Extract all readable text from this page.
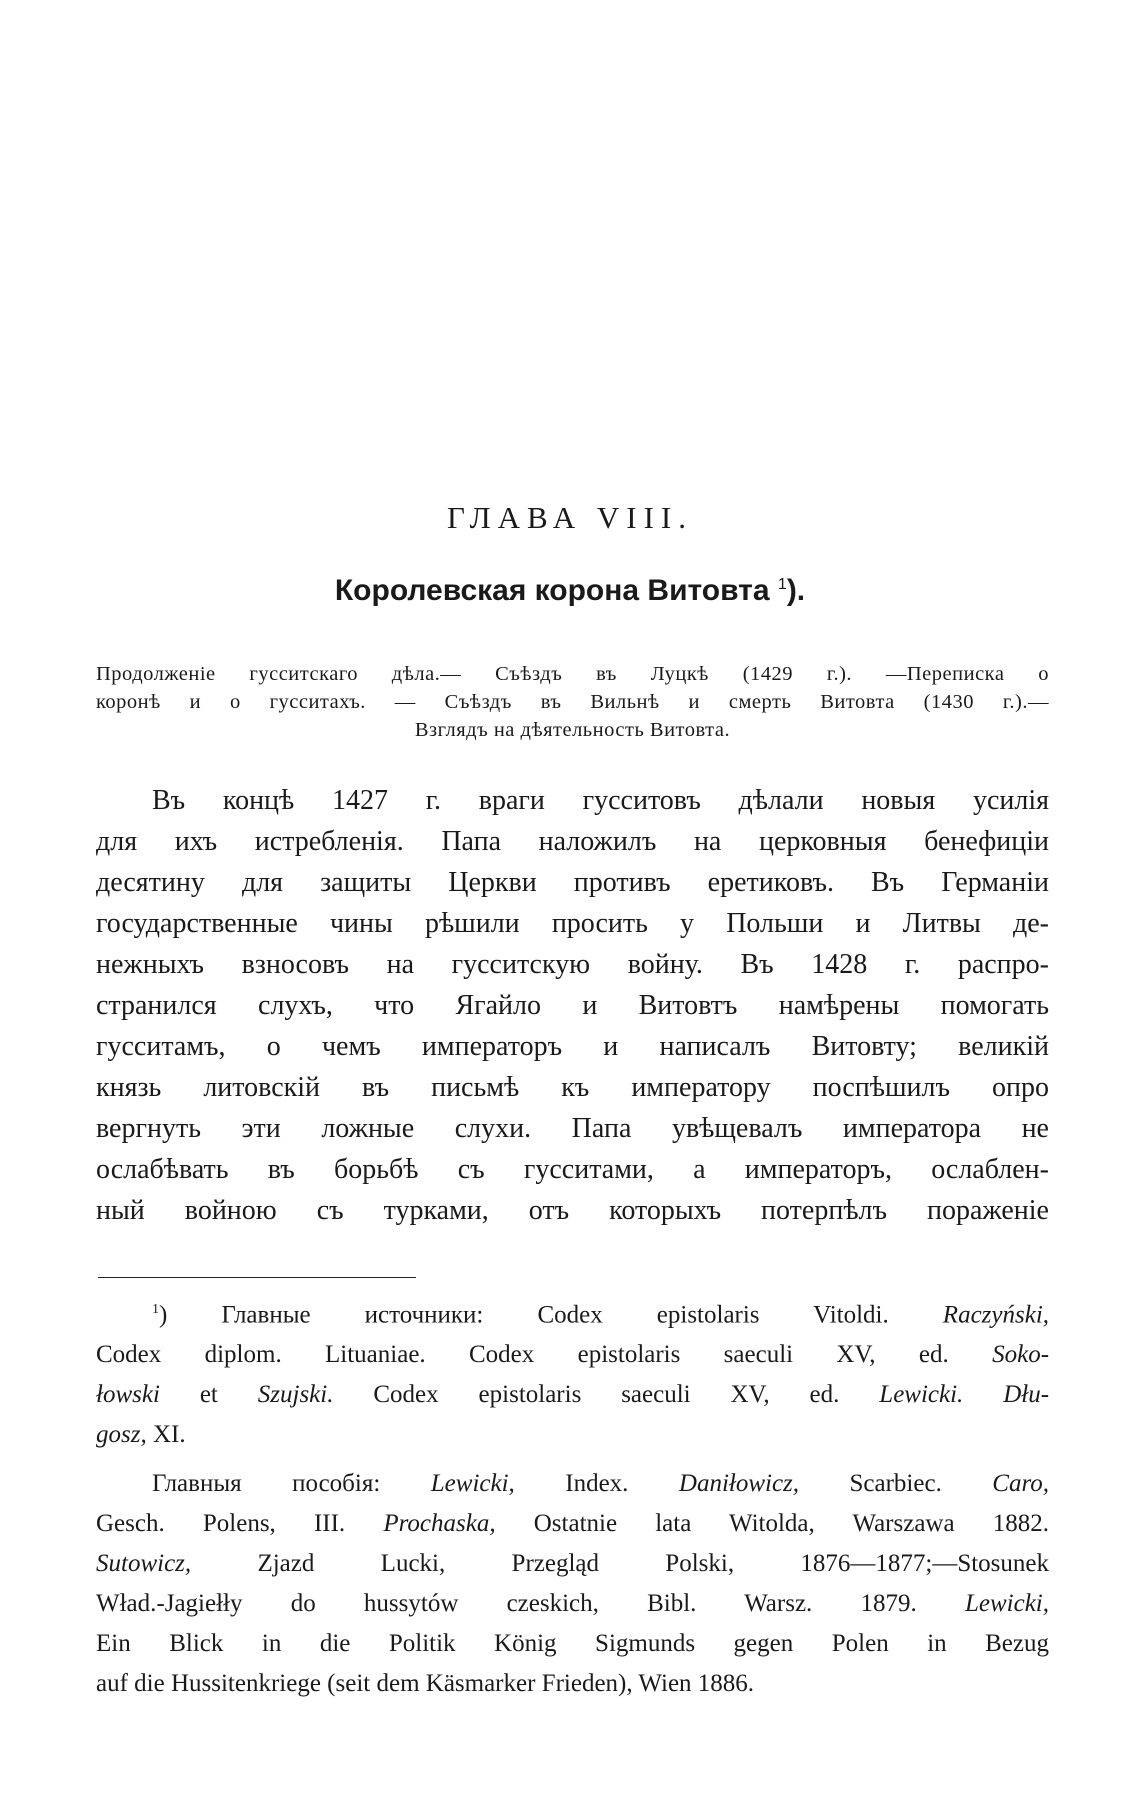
ГЛАВА VIII.
Королевская корона Витовта $^1$).
Продолженіе гусситскаго дѣла.— Съѣздъ въ Луцкѣ (1429 г.). —Переписка о
коронѣ и о гусситахъ. — Съѣздъ въ Вильнѣ и смерть Витовта (1430 г.).—
Взглядъ на дѣятельность Витовта.
Въ концѣ 1427 г. враги гусситовъ дѣлали новыя усилія
для ихъ истребленія. Папа наложилъ на церковныя бенефиціи
десятину для защиты Церкви противъ еретиковъ. Въ Германіи
государственные чины рѣшили просить у Польши и Литвы де-
нежныхъ взносовъ на гусситскую войну. Въ 1428 г. распро-
странился слухъ, что Ягайло и Витовтъ намѣрены помогать
гусситамъ, о чемъ императоръ и написалъ Витовту; великій
князь литовскій въ письмѣ къ императору поспѣшилъ опро
вергнуть эти ложные слухи. Папа увѣщевалъ императора не
ослабѣвать въ борьбѣ съ гусситами, а императоръ, ослаблен-
ный войною съ турками, отъ которыхъ потерпѣлъ пораженіе
$^1$) Главные источники: Codex epistolaris Vitoldi. Raczyński,
Codex diplom. Lituaniae. Codex epistolaris saeculi XV, ed. Soko-
łowski et Szujski. Codex epistolaris saeculi XV, ed. Lewicki. Dłu-
gosz, XI.
Главныя пособія: Lewicki, Index. Daniłowicz, Scarbiec. Caro,
Gesch. Polens, III. Prochaska, Ostatnie lata Witolda, Warszawa 1882.
Sutowicz,	Zjazd Lucki, Przegląd Polski, 1876—1877;—Stosunek
Wład.-Jagiełły do hussytów czeskich, Bibl. Warsz. 1879. Lewicki,
Ein Blick in die Politik König Sigmunds gegen Polen in Bezug
auf die Hussitenkriege (seit dem Käsmarker Frieden), Wien 1886.
